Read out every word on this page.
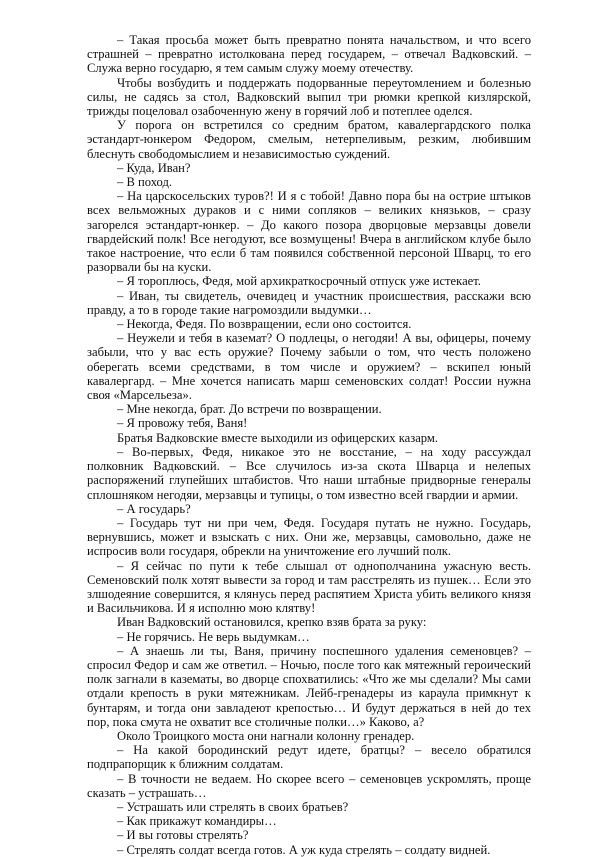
– Такая просьба может быть превратно понята начальством, и что всего страшней – превратно истолкована перед государем, – отвечал Вадковский. – Служа верно государю, я тем самым служу моему отечеству.

Чтобы возбудить и поддержать подорванные переутомлением и болезнью силы, не садясь за стол, Вадковский выпил три рюмки крепкой кизлярской, трижды поцеловал озабоченную жену в горячий лоб и потеплее оделся.

У порога он встретился со средним братом, кавалергардского полка эстандарт-юнкером Федором, смелым, нетерпеливым, резким, любившим блеснуть свободомыслием и независимостью суждений.

– Куда, Иван?

– В поход.

– На царскосельских туров?! И я с тобой! Давно пора бы на острие штыков всех вельможных дураков и с ними сопляков – великих князьков, – сразу загорелся эстандарт-юнкер. – До какого позора дворцовые мерзавцы довели гвардейский полк! Все негодуют, все возмущены! Вчера в английском клубе было такое настроение, что если б там появился собственной персоной Шварц, то его разорвали бы на куски.

– Я тороплюсь, Федя, мой архикраткосрочный отпуск уже истекает.

– Иван, ты свидетель, очевидец и участник происшествия, расскажи всю правду, а то в городе такие нагромоздили выдумки…

– Некогда, Федя. По возвращении, если оно состоится.

– Неужели и тебя в каземат? О подлецы, о негодяи! А вы, офицеры, почему забыли, что у вас есть оружие? Почему забыли о том, что честь положено оберегать всеми средствами, в том числе и оружием? – вскипел юный кавалергард. – Мне хочется написать марш семеновских солдат! России нужна своя «Марсельеза».

– Мне некогда, брат. До встречи по возвращении.

– Я провожу тебя, Ваня!

Братья Вадковские вместе выходили из офицерских казарм.

– Во-первых, Федя, никакое это не восстание, – на ходу рассуждал полковник Вадковский. – Все случилось из-за скота Шварца и нелепых распоряжений глупейших штабистов. Что наши штабные придворные генералы сплошняком негодяи, мерзавцы и тупицы, о том известно всей гвардии и армии.

– А государь?

– Государь тут ни при чем, Федя. Государя путать не нужно. Государь, вернувшись, может и взыскать с них. Они же, мерзавцы, самовольно, даже не испросив воли государя, обрекли на уничтожение его лучший полк.

– Я сейчас по пути к тебе слышал от однополчанина ужасную весть. Семеновский полк хотят вывести за город и там расстрелять из пушек… Если это злшодеяние совершится, я клянусь перед распятием Христа убить великого князя и Васильчикова. И я исполню мою клятву!

Иван Вадковский остановился, крепко взяв брата за руку:

– Не горячись. Не верь выдумкам…

– А знаешь ли ты, Ваня, причину поспешного удаления семеновцев? – спросил Федор и сам же ответил. – Ночью, после того как мятежный героический полк загнали в казематы, во дворце спохватились: «Что же мы сделали? Мы сами отдали крепость в руки мятежникам. Лейб-гренадеры из караула примкнут к бунтарям, и тогда они завладеют крепостью… И будут держаться в ней до тех пор, пока смута не охватит все столичные полки…» Каково, а?

Около Троицкого моста они нагнали колонну гренадер.

– На какой бородинский редут идете, братцы? – весело обратился подпрапорщик к ближним солдатам.

– В точности не ведаем. Но скорее всего – семеновцев ускромлять, проще сказать – устрашать…

– Устрашать или стрелять в своих братьев?

– Как прикажут командиры…

– И вы готовы стрелять?

– Стрелять солдат всегда готов. А уж куда стрелять – солдату видней.
